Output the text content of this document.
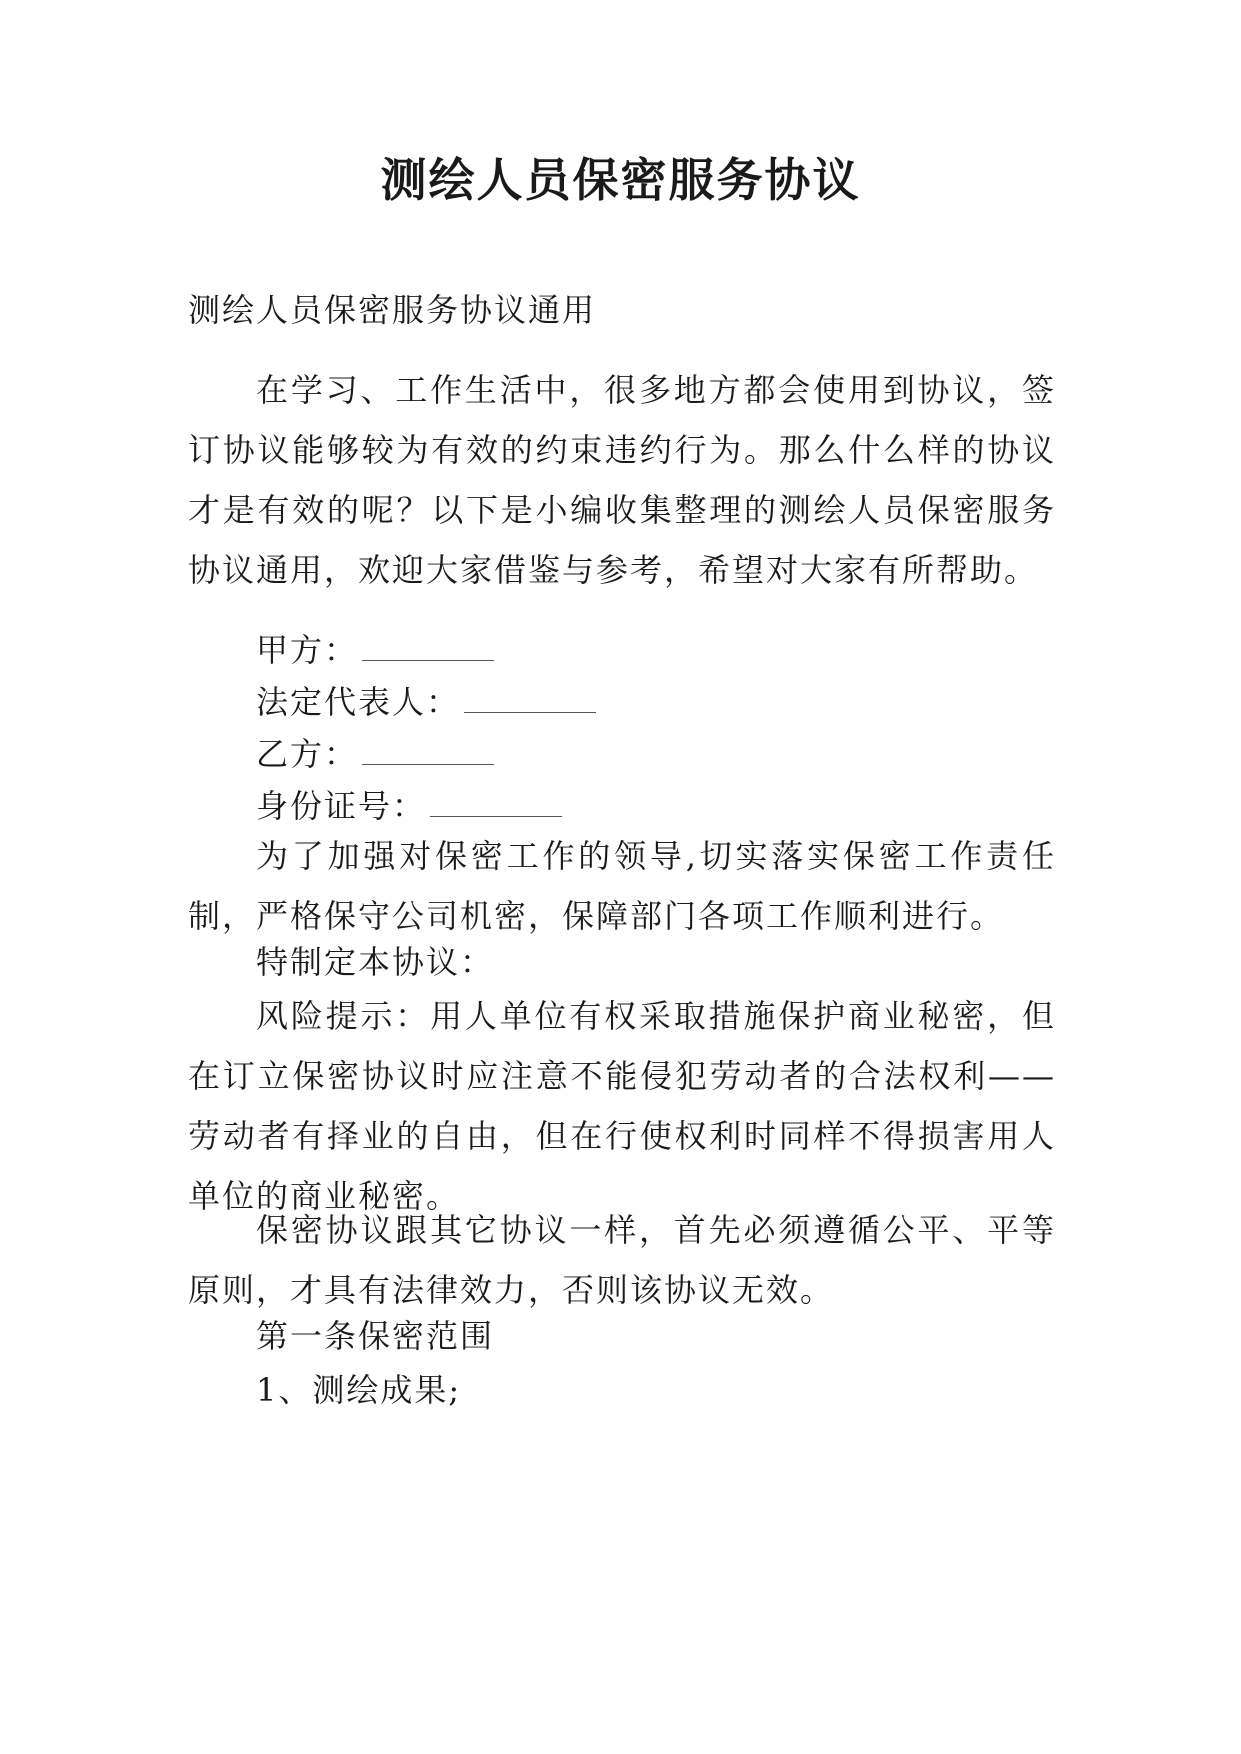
测绘人员保密服务协议
测绘人员保密服务协议通用

在学习、工作生活中，很多地方都会使用到协议，签订协议能够较为有效的约束违约行为。那么什么样的协议才是有效的呢？以下是小编收集整理的测绘人员保密服务协议通用，欢迎大家借鉴与参考，希望对大家有所帮助。

甲方：
法定代表人：
乙方：
身份证号：

为了加强对保密工作的领导,切实落实保密工作责任制，严格保守公司机密，保障部门各项工作顺利进行。

特制定本协议：

风险提示：用人单位有权采取措施保护商业秘密，但在订立保密协议时应注意不能侵犯劳动者的合法权利——劳动者有择业的自由，但在行使权利时同样不得损害用人单位的商业秘密。

保密协议跟其它协议一样，首先必须遵循公平、平等原则，才具有法律效力，否则该协议无效。

第一条保密范围

1、测绘成果;
